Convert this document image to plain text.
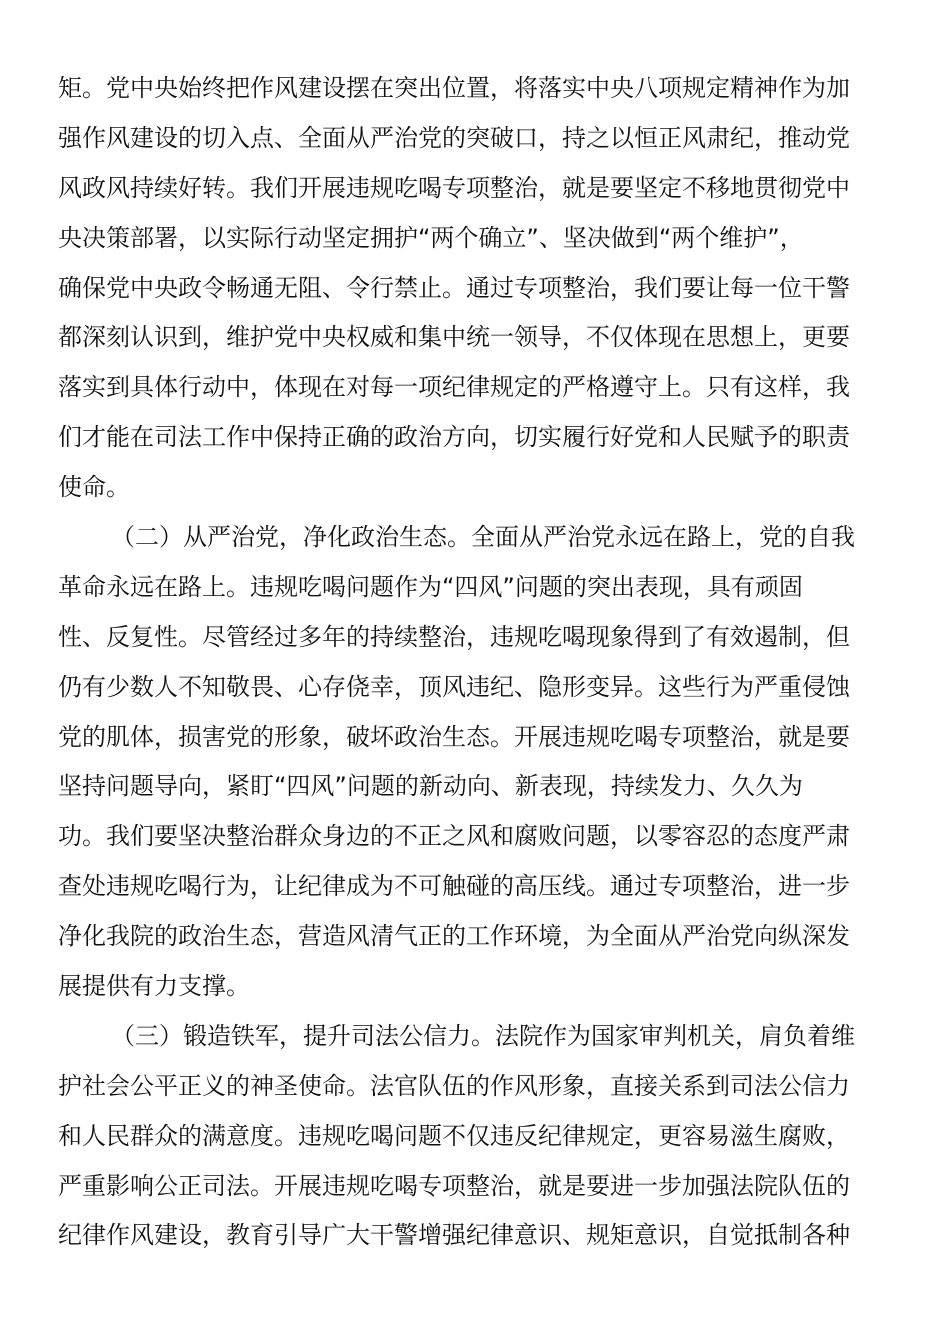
矩。党中央始终把作风建设摆在突出位置，将落实中央八项规定精神作为加
强作风建设的切入点、全面从严治党的突破口，持之以恒正风肃纪，推动党
风政风持续好转。我们开展违规吃喝专项整治，就是要坚定不移地贯彻党中
央决策部署，以实际行动坚定拥护“两个确立”、坚决做到“两个维护”，
确保党中央政令畅通无阻、令行禁止。通过专项整治，我们要让每一位干警
都深刻认识到，维护党中央权威和集中统一领导，不仅体现在思想上，更要
落实到具体行动中，体现在对每一项纪律规定的严格遵守上。只有这样，我
们才能在司法工作中保持正确的政治方向，切实履行好党和人民赋予的职责
使命。
（二）从严治党，净化政治生态。全面从严治党永远在路上，党的自我
革命永远在路上。违规吃喝问题作为“四风”问题的突出表现，具有顽固
性、反复性。尽管经过多年的持续整治，违规吃喝现象得到了有效遏制，但
仍有少数人不知敬畏、心存侥幸，顶风违纪、隐形变异。这些行为严重侵蚀
党的肌体，损害党的形象，破坏政治生态。开展违规吃喝专项整治，就是要
坚持问题导向，紧盯“四风”问题的新动向、新表现，持续发力、久久为
功。我们要坚决整治群众身边的不正之风和腐败问题，以零容忍的态度严肃
查处违规吃喝行为，让纪律成为不可触碰的高压线。通过专项整治，进一步
净化我院的政治生态，营造风清气正的工作环境，为全面从严治党向纵深发
展提供有力支撑。
（三）锻造铁军，提升司法公信力。法院作为国家审判机关，肩负着维
护社会公平正义的神圣使命。法官队伍的作风形象，直接关系到司法公信力
和人民群众的满意度。违规吃喝问题不仅违反纪律规定，更容易滋生腐败，
严重影响公正司法。开展违规吃喝专项整治，就是要进一步加强法院队伍的
纪律作风建设，教育引导广大干警增强纪律意识、规矩意识，自觉抵制各种
